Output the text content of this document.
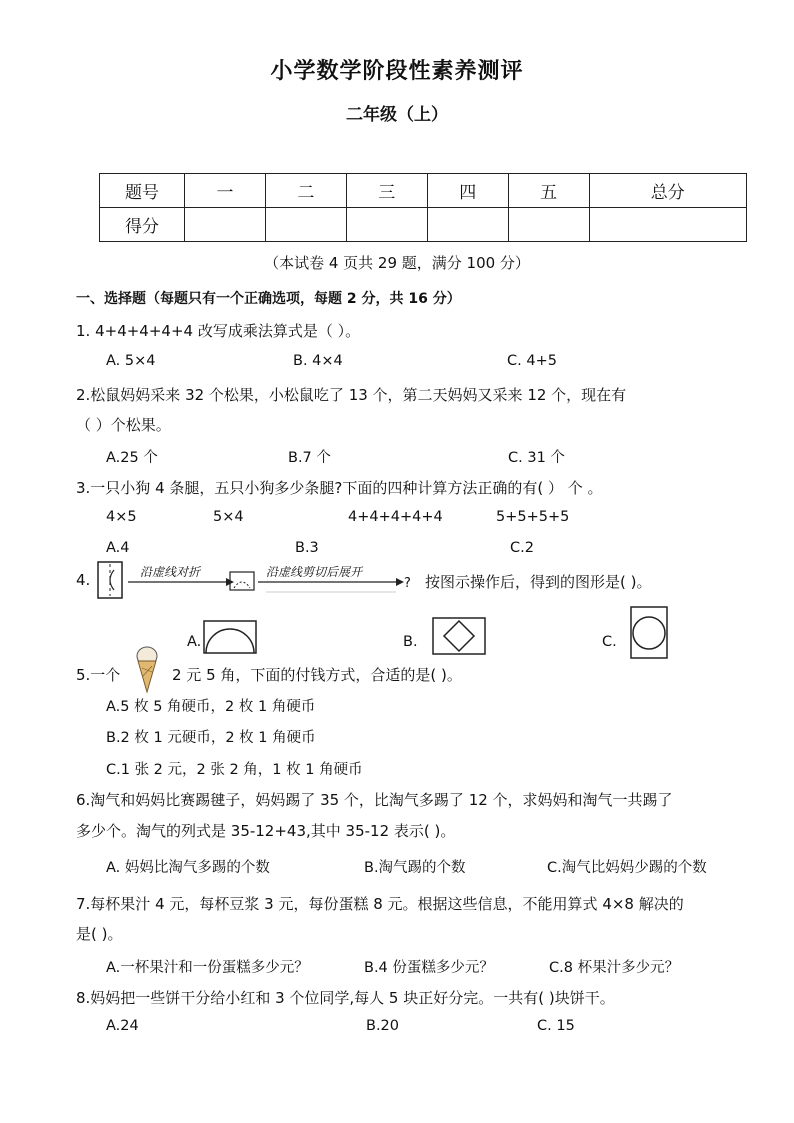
小学数学阶段性素养测评
二年级（上）
题号	一	二	三	四	五	总分
得分						
（本试卷 4 页共 29 题，满分 100 分）
一、选择题（每题只有一个正确选项，每题 2 分，共 16 分）
1. 4+4+4+4+4 改写成乘法算式是（ ）。
A. 5×4	B. 4×4	C. 4+5
2.松鼠妈妈采来 32 个松果，小松鼠吃了 13 个，第二天妈妈又采来 12 个，现在有
（ ）个松果。
A.25 个	B.7 个	C. 31 个
3.一只小狗 4 条腿，五只小狗多少条腿?下面的四种计算方法正确的有( ） 个 。
4×5	5×4	4+4+4+4+4	5+5+5+5
A.4	B.3	C.2
4.	沿虚线对折	沿虚线剪切后展开
? 按图示操作后，得到的图形是( )。
A.	B.	C.
5.一个	2 元 5 角，下面的付钱方式，合适的是( )。
A.5 枚 5 角硬币，2 枚 1 角硬币
B.2 枚 1 元硬币，2 枚 1 角硬币
C.1 张 2 元，2 张 2 角，1 枚 1 角硬币
6.淘气和妈妈比赛踢毽子，妈妈踢了 35 个，比淘气多踢了 12 个，求妈妈和淘气一共踢了
多少个。淘气的列式是 35-12+43,其中 35-12 表示( )。
A. 妈妈比淘气多踢的个数	B.淘气踢的个数	C.淘气比妈妈少踢的个数
7.每杯果汁 4 元，每杯豆浆 3 元，每份蛋糕 8 元。根据这些信息，不能用算式 4×8 解决的
是( )。
A.一杯果汁和一份蛋糕多少元？	B.4 份蛋糕多少元？	C.8 杯果汁多少元？
8.妈妈把一些饼干分给小红和 3 个位同学,每人 5 块正好分完。一共有( )块饼干。
A.24	B.20	C. 15
